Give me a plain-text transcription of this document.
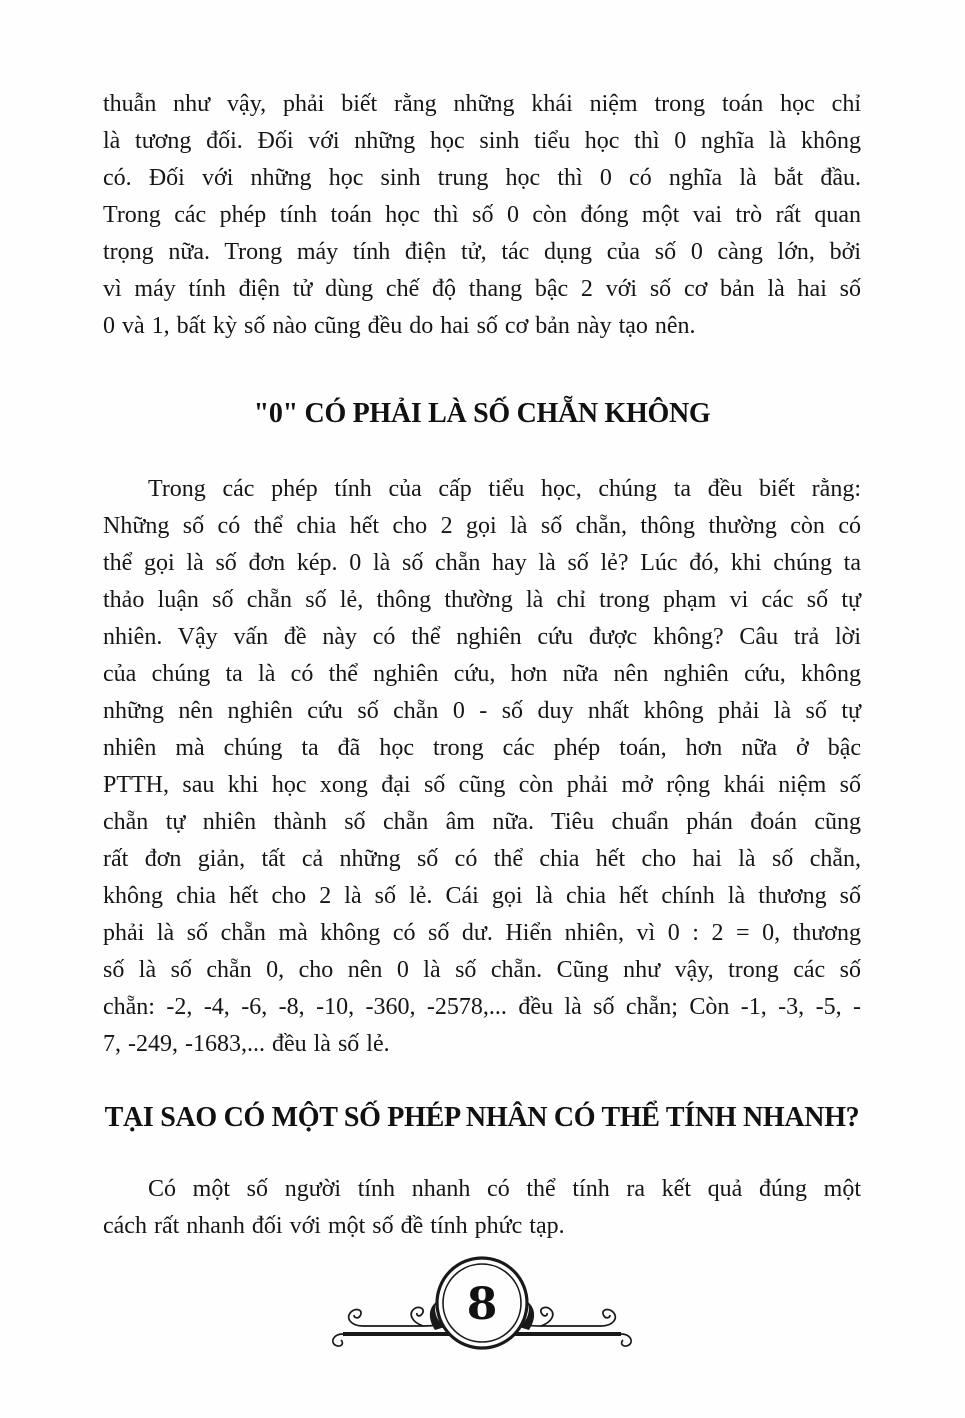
thuẫn như vậy, phải biết rằng những khái niệm trong toán học chỉ
là tương đối. Đối với những học sinh tiểu học thì 0 nghĩa là không
có. Đối với những học sinh trung học thì 0 có nghĩa là bắt đầu.
Trong các phép tính toán học thì số 0 còn đóng một vai trò rất quan
trọng nữa. Trong máy tính điện tử, tác dụng của số 0 càng lớn, bởi
vì máy tính điện tử dùng chế độ thang bậc 2 với số cơ bản là hai số
0 và 1, bất kỳ số nào cũng đều do hai số cơ bản này tạo nên.
"0" CÓ PHẢI LÀ SỐ CHẴN KHÔNG
Trong các phép tính của cấp tiểu học, chúng ta đều biết rằng:
Những số có thể chia hết cho 2 gọi là số chẵn, thông thường còn có
thể gọi là số đơn kép. 0 là số chẵn hay là số lẻ? Lúc đó, khi chúng ta
thảo luận số chẵn số lẻ, thông thường là chỉ trong phạm vi các số tự
nhiên. Vậy vấn đề này có thể nghiên cứu được không? Câu trả lời
của chúng ta là có thể nghiên cứu, hơn nữa nên nghiên cứu, không
những nên nghiên cứu số chẵn 0 - số duy nhất không phải là số tự
nhiên mà chúng ta đã học trong các phép toán, hơn nữa ở bậc
PTTH, sau khi học xong đại số cũng còn phải mở rộng khái niệm số
chẵn tự nhiên thành số chẵn âm nữa. Tiêu chuẩn phán đoán cũng
rất đơn giản, tất cả những số có thể chia hết cho hai là số chẵn,
không chia hết cho 2 là số lẻ. Cái gọi là chia hết chính là thương số
phải là số chẵn mà không có số dư. Hiển nhiên, vì 0 : 2 = 0, thương
số là số chẵn 0, cho nên 0 là số chẵn. Cũng như vậy, trong các số
chẵn: -2, -4, -6, -8, -10, -360, -2578,... đều là số chẵn; Còn -1, -3, -5, -
7, -249, -1683,... đều là số lẻ.
TẠI SAO CÓ MỘT SỐ PHÉP NHÂN CÓ THỂ TÍNH NHANH?
Có một số người tính nhanh có thể tính ra kết quả đúng một
cách rất nhanh đối với một số đề tính phức tạp.
8
